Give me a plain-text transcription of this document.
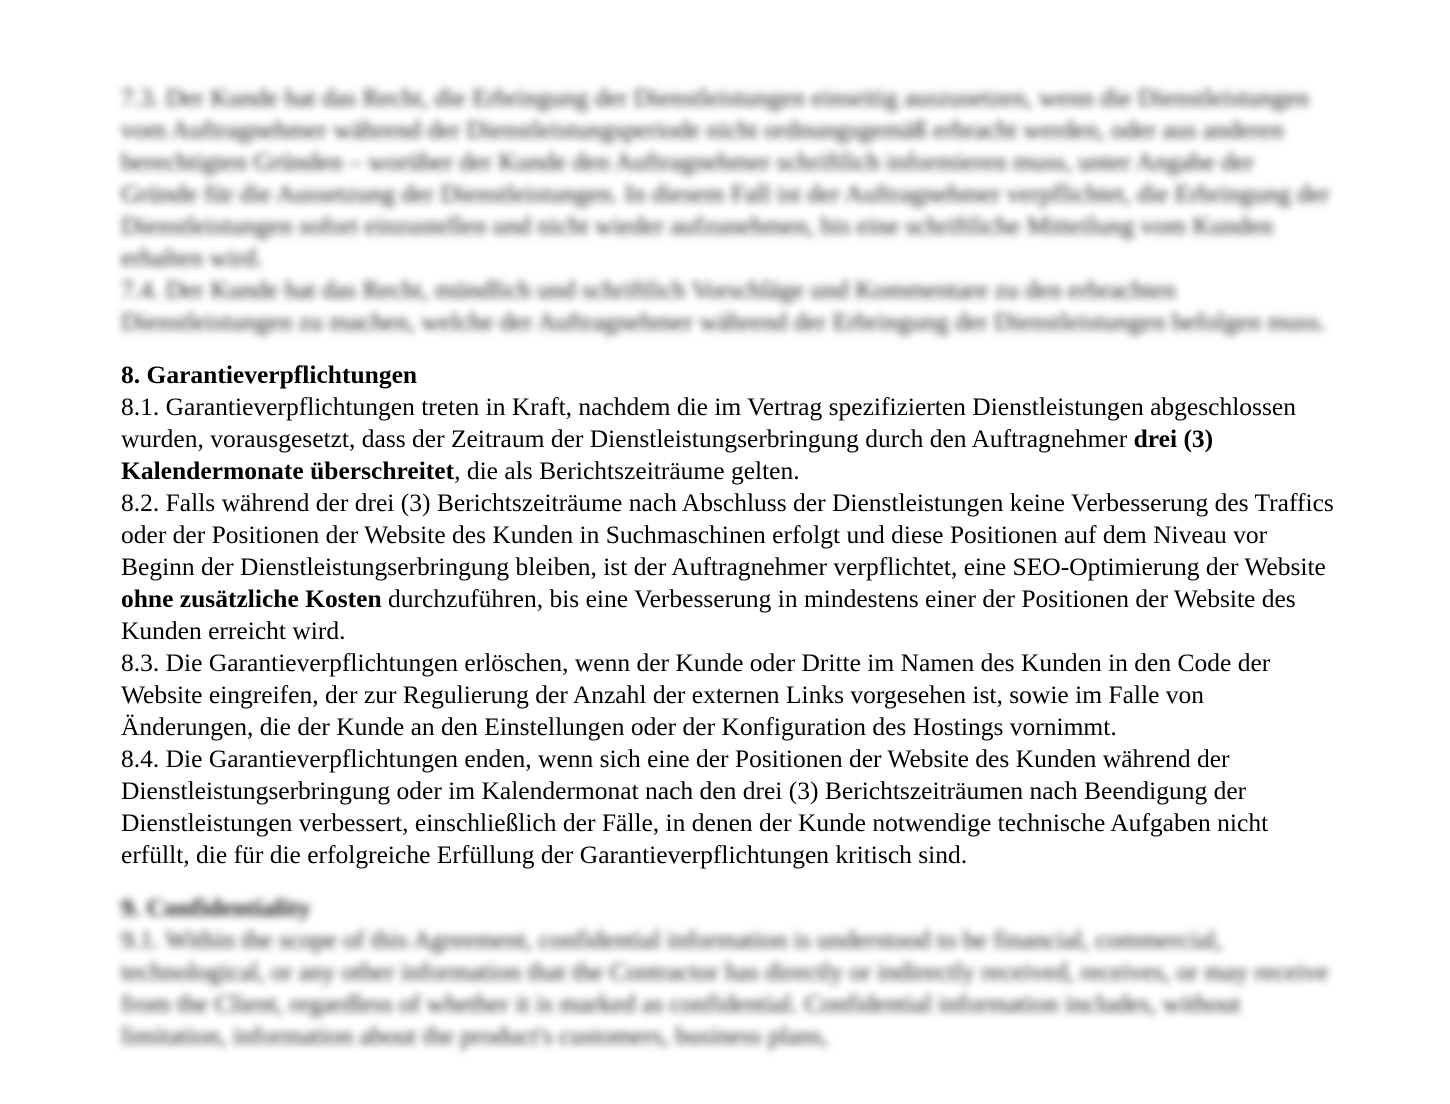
7.3. Der Kunde hat das Recht, die Erbringung der Dienstleistungen einseitig auszusetzen, wenn die Dienstleistungen vom Auftragnehmer während der Dienstleistungsperiode nicht ordnungsgemäß erbracht werden, oder aus anderen berechtigten Gründen – worüber der Kunde den Auftragnehmer schriftlich informieren muss, unter Angabe der Gründe für die Aussetzung der Dienstleistungen. In diesem Fall ist der Auftragnehmer verpflichtet, die Erbringung der Dienstleistungen sofort einzustellen und nicht wieder aufzunehmen, bis eine schriftliche Mitteilung vom Kunden erhalten wird.

7.4. Der Kunde hat das Recht, mündlich und schriftlich Vorschläge und Kommentare zu den erbrachten Dienstleistungen zu machen, welche der Auftragnehmer während der Erbringung der Dienstleistungen befolgen muss.

8. Garantieverpflichtungen

8.1. Garantieverpflichtungen treten in Kraft, nachdem die im Vertrag spezifizierten Dienstleistungen abgeschlossen wurden, vorausgesetzt, dass der Zeitraum der Dienstleistungserbringung durch den Auftragnehmer drei (3) Kalendermonate überschreitet, die als Berichtszeiträume gelten.

8.2. Falls während der drei (3) Berichtszeiträume nach Abschluss der Dienstleistungen keine Verbesserung des Traffics oder der Positionen der Website des Kunden in Suchmaschinen erfolgt und diese Positionen auf dem Niveau vor Beginn der Dienstleistungserbringung bleiben, ist der Auftragnehmer verpflichtet, eine SEO-Optimierung der Website ohne zusätzliche Kosten durchzuführen, bis eine Verbesserung in mindestens einer der Positionen der Website des Kunden erreicht wird.

8.3. Die Garantieverpflichtungen erlöschen, wenn der Kunde oder Dritte im Namen des Kunden in den Code der Website eingreifen, der zur Regulierung der Anzahl der externen Links vorgesehen ist, sowie im Falle von Änderungen, die der Kunde an den Einstellungen oder der Konfiguration des Hostings vornimmt.

8.4. Die Garantieverpflichtungen enden, wenn sich eine der Positionen der Website des Kunden während der Dienstleistungserbringung oder im Kalendermonat nach den drei (3) Berichtszeiträumen nach Beendigung der Dienstleistungen verbessert, einschließlich der Fälle, in denen der Kunde notwendige technische Aufgaben nicht erfüllt, die für die erfolgreiche Erfüllung der Garantieverpflichtungen kritisch sind.

9. Confidentiality

9.1. Within the scope of this Agreement, confidential information is understood to be financial, commercial, technological, or any other information that the Contractor has directly or indirectly received, receives, or may receive from the Client, regardless of whether it is marked as confidential. Confidential information includes, without limitation, information about the product's customers, business plans,
